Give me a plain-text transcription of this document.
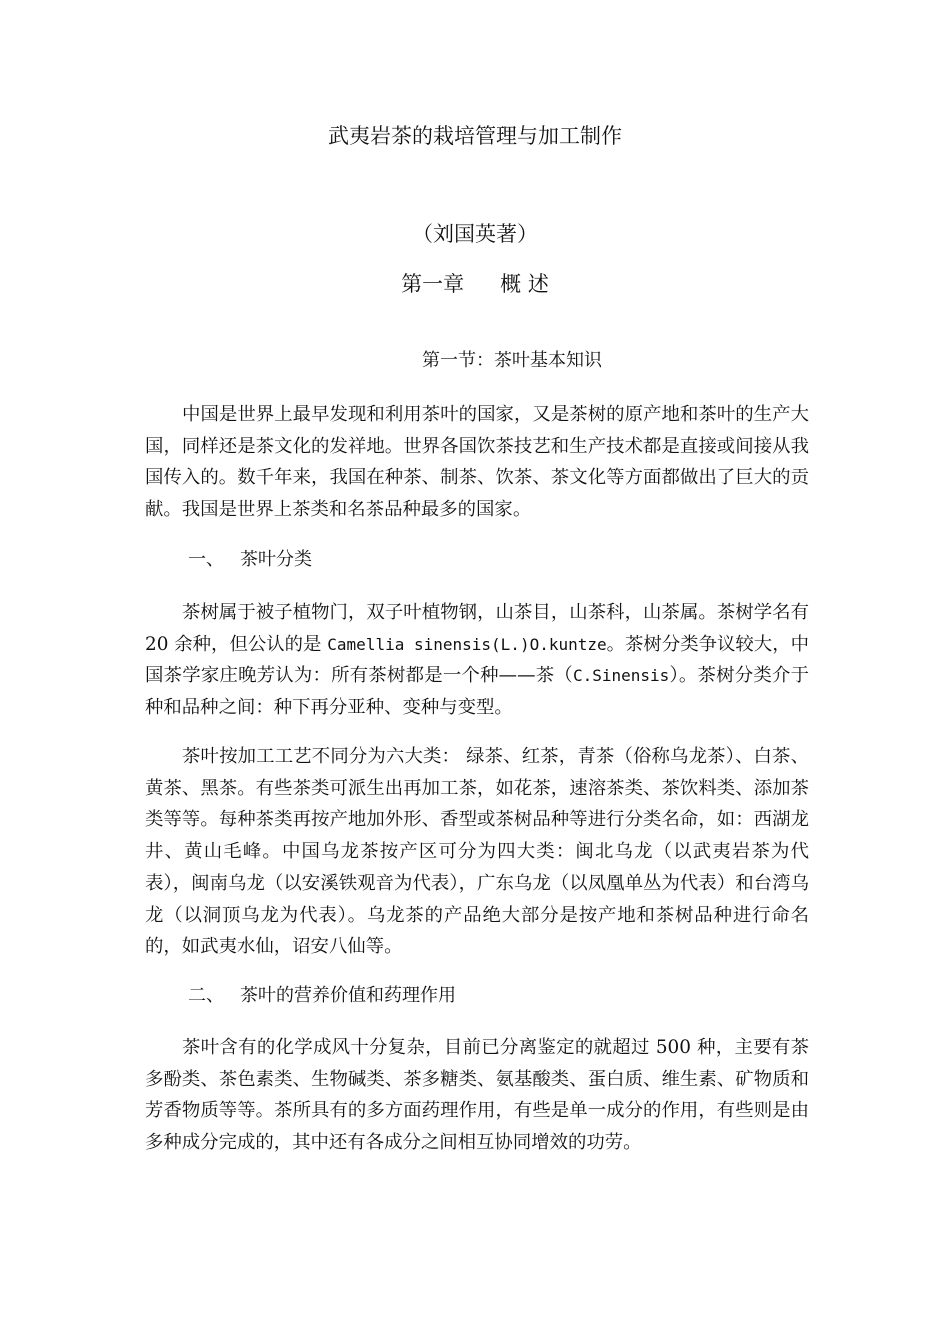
武夷岩茶的栽培管理与加工制作
（刘国英著）
第一章 概 述
第一节：茶叶基本知识

中国是世界上最早发现和利用茶叶的国家，又是茶树的原产地和茶叶的生产大国，同样还是茶文化的发祥地。世界各国饮茶技艺和生产技术都是直接或间接从我国传入的。数千年来，我国在种茶、制茶、饮茶、茶文化等方面都做出了巨大的贡献。我国是世界上茶类和名茶品种最多的国家。

一、 茶叶分类

茶树属于被子植物门，双子叶植物钢，山茶目，山茶科，山茶属。茶树学名有 20 余种，但公认的是 Camellia sinensis(L.)O.kuntze。茶树分类争议较大，中国茶学家庄晚芳认为：所有茶树都是一个种——茶（C.Sinensis）。茶树分类介于种和品种之间：种下再分亚种、变种与变型。

茶叶按加工工艺不同分为六大类： 绿茶、红茶，青茶（俗称乌龙茶）、白茶、黄茶、黑茶。有些茶类可派生出再加工茶，如花茶，速溶茶类、茶饮料类、添加茶类等等。每种茶类再按产地加外形、香型或茶树品种等进行分类名命，如：西湖龙井、黄山毛峰。中国乌龙茶按产区可分为四大类：闽北乌龙（以武夷岩茶为代表），闽南乌龙（以安溪铁观音为代表），广东乌龙（以凤凰单丛为代表）和台湾乌龙（以洞顶乌龙为代表）。乌龙茶的产品绝大部分是按产地和茶树品种进行命名的，如武夷水仙，诏安八仙等。

二、 茶叶的营养价值和药理作用

茶叶含有的化学成风十分复杂，目前已分离鉴定的就超过 500 种，主要有茶多酚类、茶色素类、生物碱类、茶多糖类、氨基酸类、蛋白质、维生素、矿物质和芳香物质等等。茶所具有的多方面药理作用，有些是单一成分的作用，有些则是由多种成分完成的，其中还有各成分之间相互协同增效的功劳。
